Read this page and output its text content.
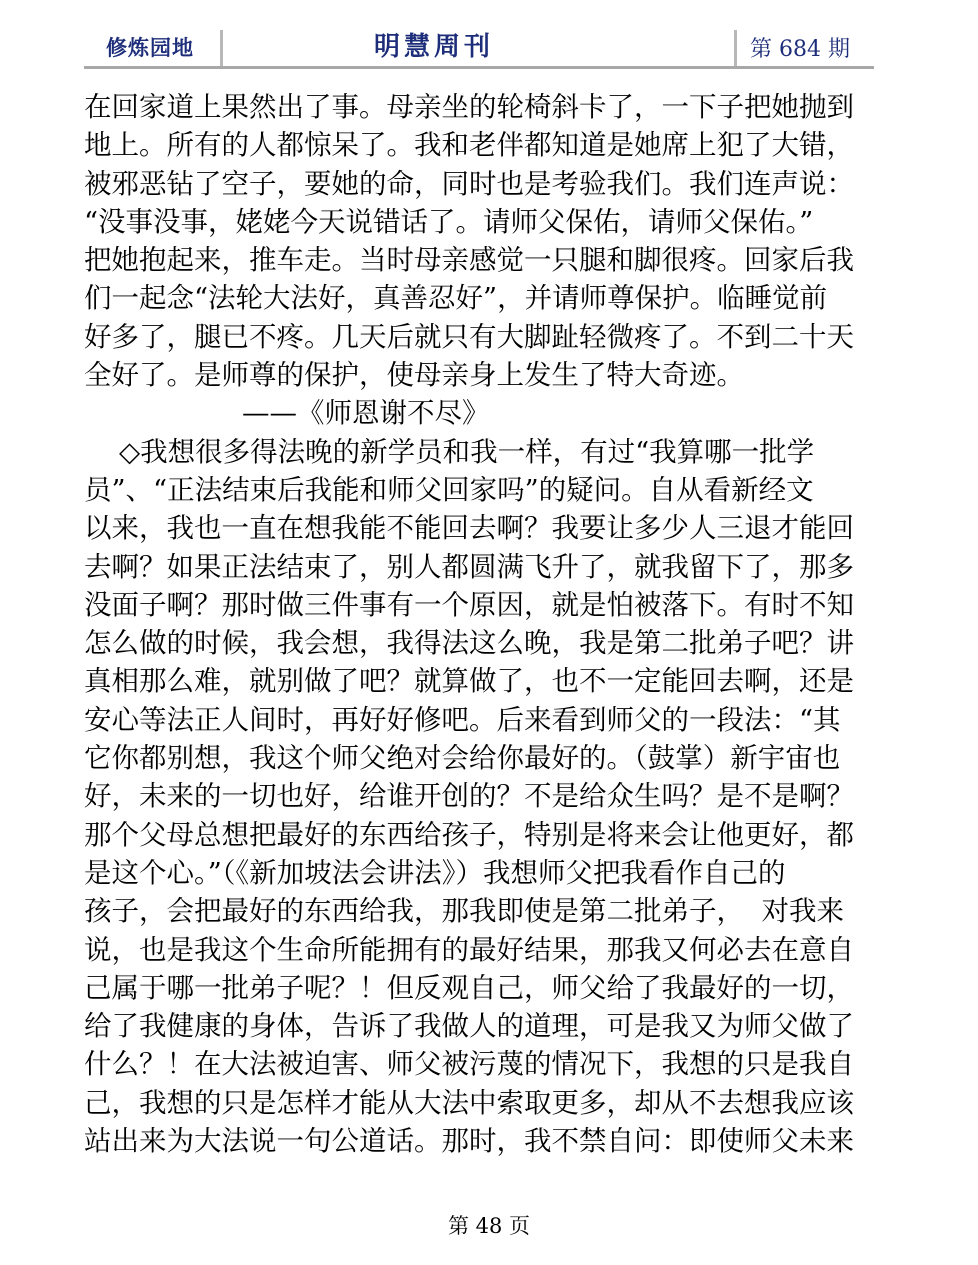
修炼园地	明慧周刊	第 684 期
在回家道上果然出了事。母亲坐的轮椅斜卡了，一下子把她抛到
地上。所有的人都惊呆了。我和老伴都知道是她席上犯了大错，
被邪恶钻了空子，要她的命，同时也是考验我们。我们连声说：
“没事没事，姥姥今天说错话了。请师父保佑，请师父保佑。”
把她抱起来，推车走。当时母亲感觉一只腿和脚很疼。回家后我
们一起念“法轮大法好，真善忍好”，并请师尊保护。临睡觉前
好多了，腿已不疼。几天后就只有大脚趾轻微疼了。不到二十天
全好了。是师尊的保护，使母亲身上发生了特大奇迹。
——《师恩谢不尽》
◇我想很多得法晚的新学员和我一样，有过“我算哪一批学
员”、“正法结束后我能和师父回家吗”的疑问。自从看新经文
以来，我也一直在想我能不能回去啊？我要让多少人三退才能回
去啊？如果正法结束了，别人都圆满飞升了，就我留下了，那多
没面子啊？那时做三件事有一个原因，就是怕被落下。有时不知
怎么做的时候，我会想，我得法这么晚，我是第二批弟子吧？讲
真相那么难，就别做了吧？就算做了，也不一定能回去啊，还是
安心等法正人间时，再好好修吧。后来看到师父的一段法：“其
它你都别想，我这个师父绝对会给你最好的。（鼓掌）新宇宙也
好，未来的一切也好，给谁开创的？不是给众生吗？是不是啊？
那个父母总想把最好的东西给孩子，特别是将来会让他更好，都
是这个心。”（《新加坡法会讲法》）我想师父把我看作自己的
孩子，会把最好的东西给我，那我即使是第二批弟子，  对我来
说，也是我这个生命所能拥有的最好结果，那我又何必去在意自
己属于哪一批弟子呢？！但反观自己，师父给了我最好的一切，
给了我健康的身体，告诉了我做人的道理，可是我又为师父做了
什么？！在大法被迫害、师父被污蔑的情况下，我想的只是我自
己，我想的只是怎样才能从大法中索取更多，却从不去想我应该
站出来为大法说一句公道话。那时，我不禁自问：即使师父未来
第 48 页
